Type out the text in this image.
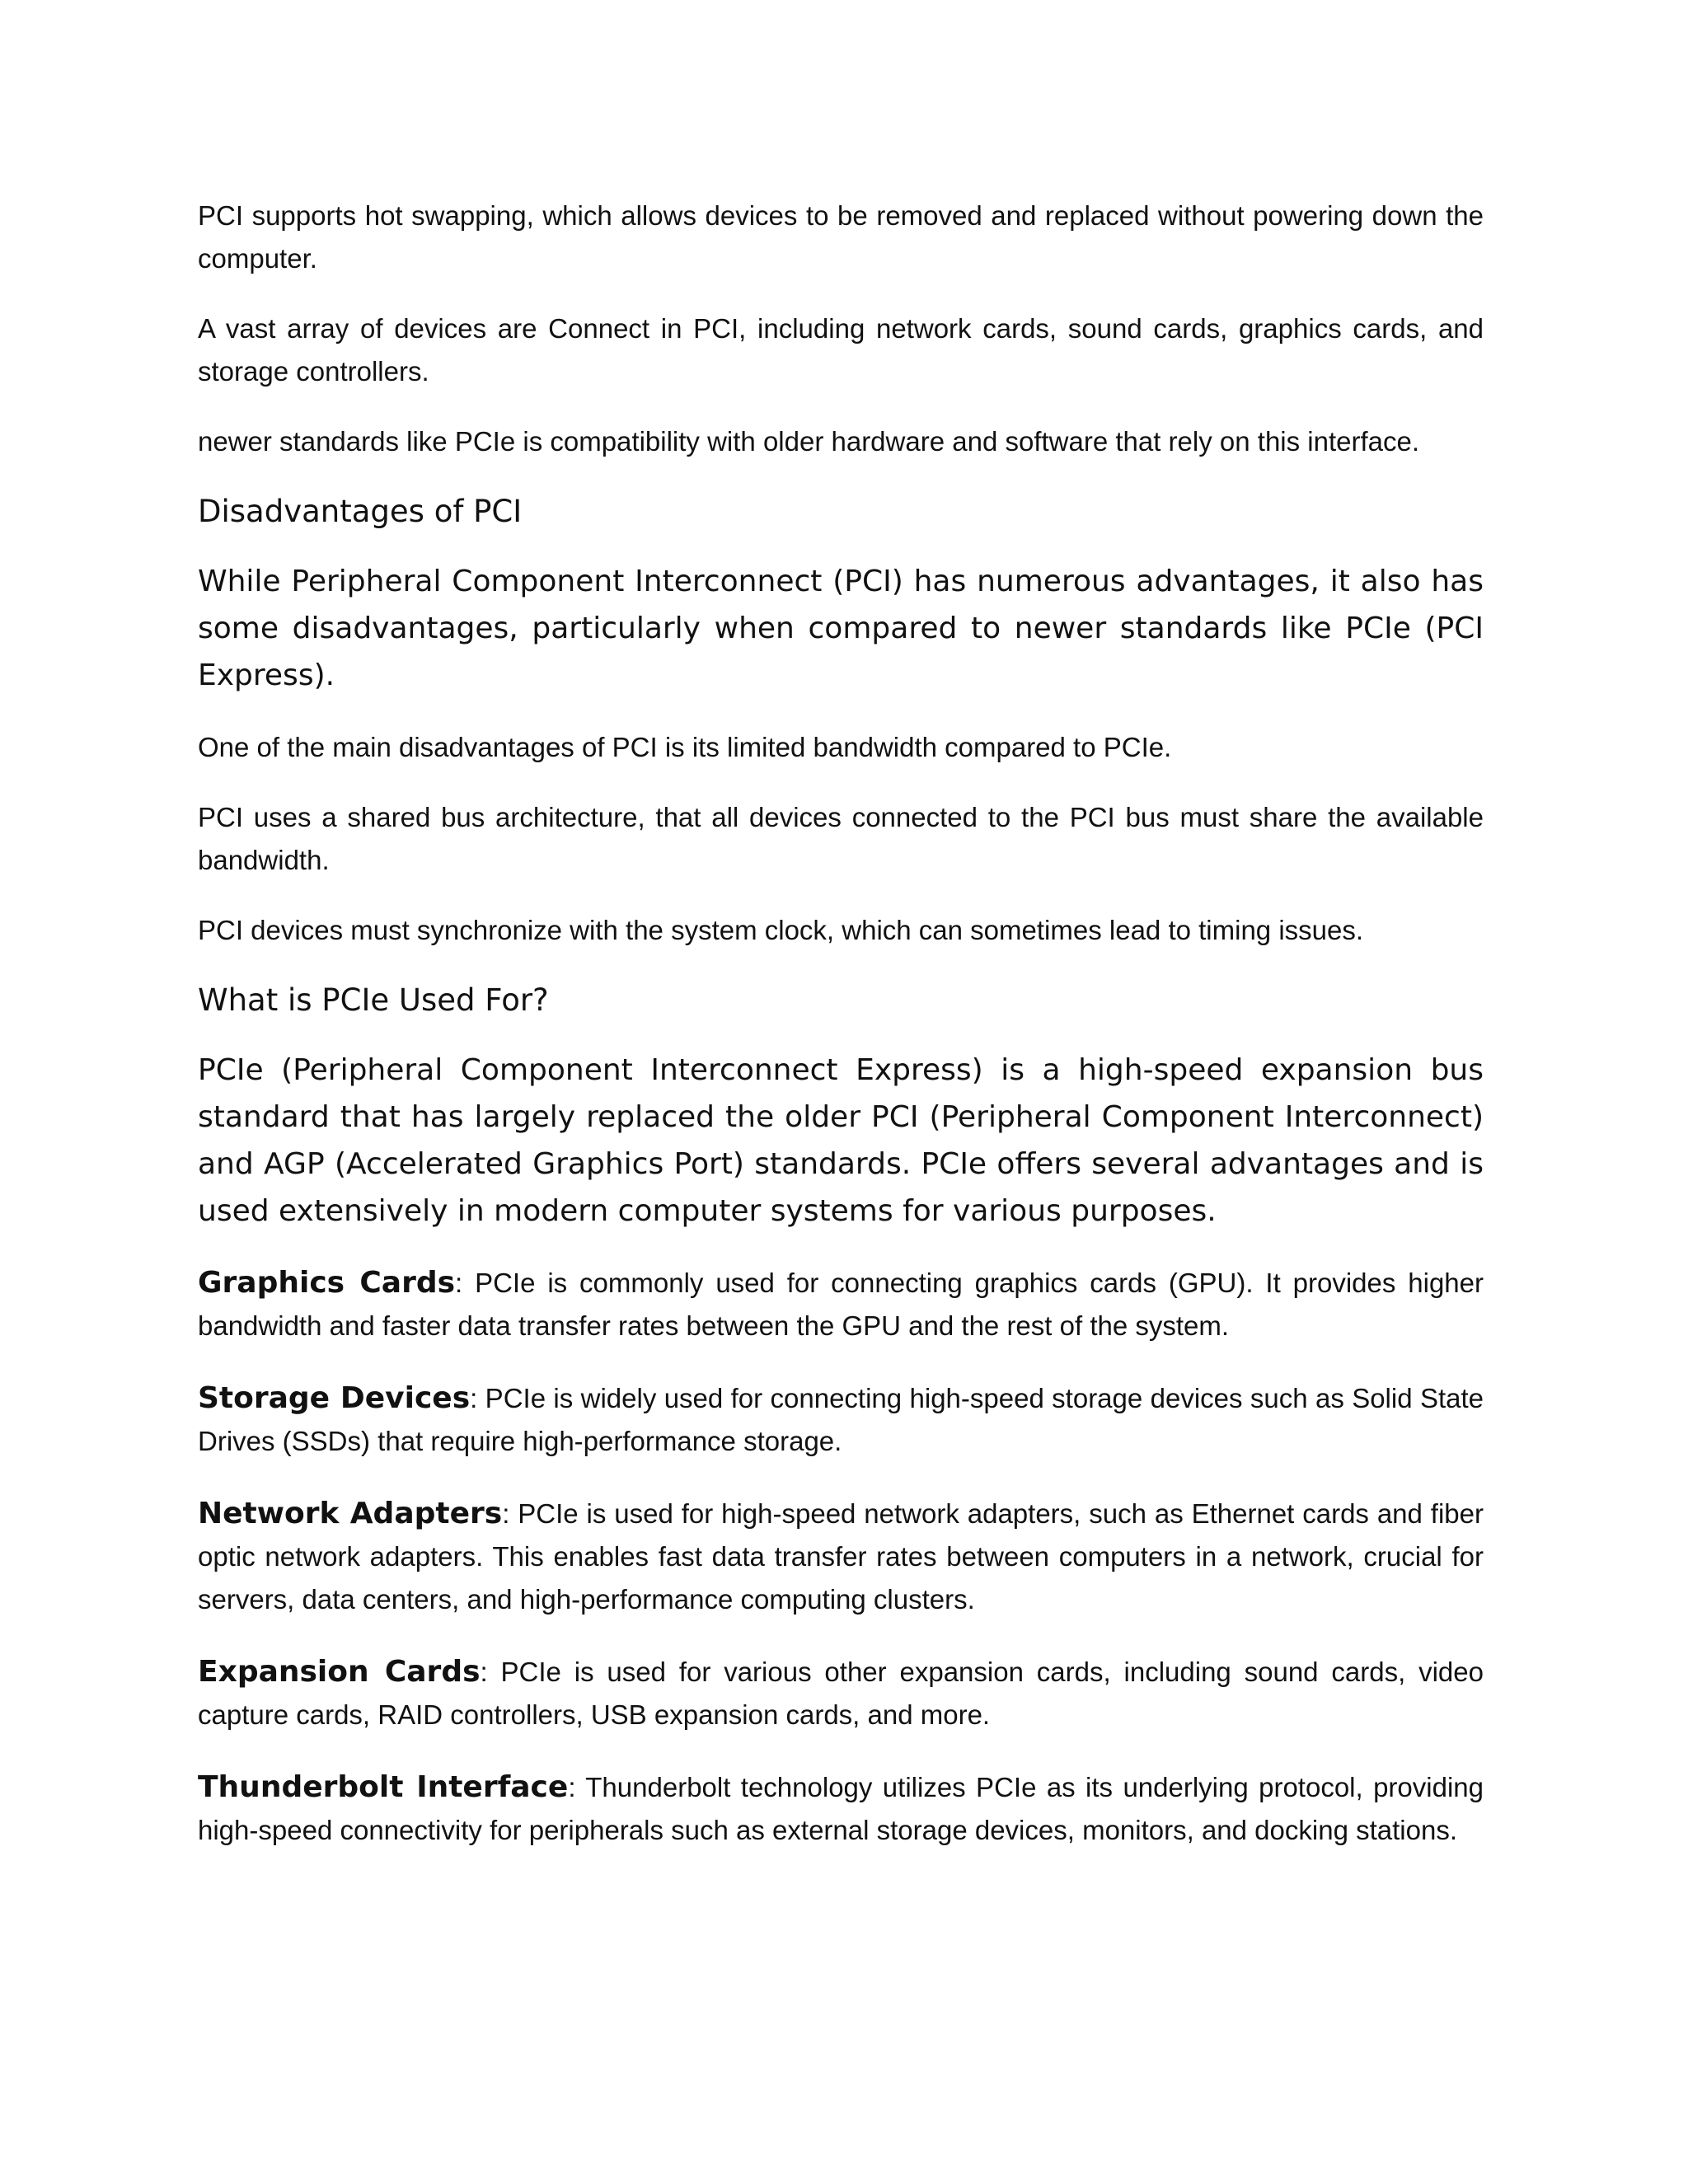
PCI supports hot swapping, which allows devices to be removed and replaced without powering down the computer.

A vast array of devices are Connect in PCI, including network cards, sound cards, graphics cards, and storage controllers.

newer standards like PCIe is compatibility with older hardware and software that rely on this interface.

Disadvantages of PCI

While Peripheral Component Interconnect (PCI) has numerous advantages, it also has some disadvantages, particularly when compared to newer standards like PCIe (PCI Express).

One of the main disadvantages of PCI is its limited bandwidth compared to PCIe.

PCI uses a shared bus architecture, that all devices connected to the PCI bus must share the available bandwidth.

PCI devices must synchronize with the system clock, which can sometimes lead to timing issues.

What is PCIe Used For?

PCIe (Peripheral Component Interconnect Express) is a high-speed expansion bus standard that has largely replaced the older PCI (Peripheral Component Interconnect) and AGP (Accelerated Graphics Port) standards. PCIe offers several advantages and is used extensively in modern computer systems for various purposes.

Graphics Cards: PCIe is commonly used for connecting graphics cards (GPU). It provides higher bandwidth and faster data transfer rates between the GPU and the rest of the system.

Storage Devices: PCIe is widely used for connecting high-speed storage devices such as Solid State Drives (SSDs) that require high-performance storage.

Network Adapters: PCIe is used for high-speed network adapters, such as Ethernet cards and fiber optic network adapters. This enables fast data transfer rates between computers in a network, crucial for servers, data centers, and high-performance computing clusters.

Expansion Cards: PCIe is used for various other expansion cards, including sound cards, video capture cards, RAID controllers, USB expansion cards, and more.

Thunderbolt Interface: Thunderbolt technology utilizes PCIe as its underlying protocol, providing high-speed connectivity for peripherals such as external storage devices, monitors, and docking stations.
